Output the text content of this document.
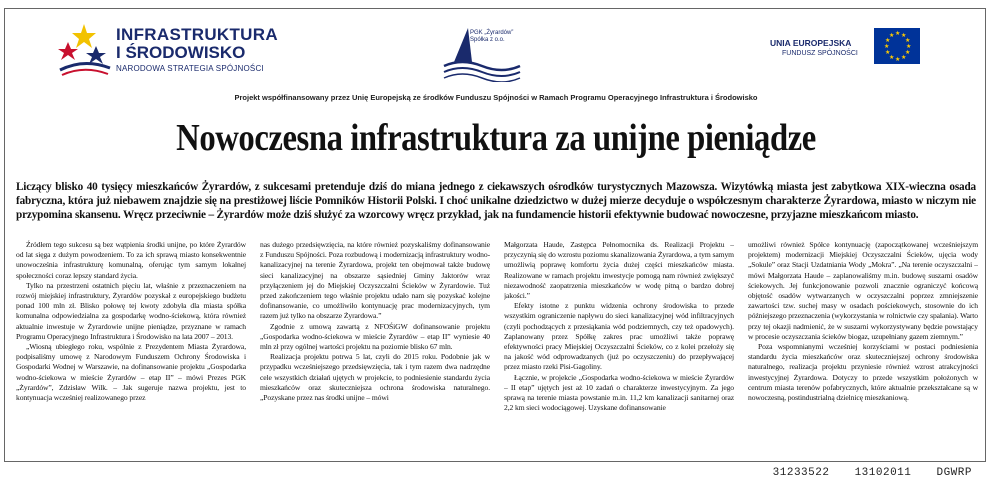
INFRASTRUKTURA
I ŚRODOWISKO
NARODOWA STRATEGIA SPÓJNOŚCI
PGK „Żyrardów”
Spółka z o.o.	UNIA EUROPEJSKA
FUNDUSZ SPÓJNOŚCI
★ ★
★
★
★
★
★
★
★
★
★
★
Projekt współfinansowany przez Unię Europejską ze środków Funduszu Spójności w Ramach Programu Operacyjnego Infrastruktura i Środowisko
Nowoczesna infrastruktura za unijne pieniądze
Liczący blisko 40 tysięcy mieszkańców Żyrardów, z sukcesami pretenduje dziś do miana jednego z ciekawszych ośrodków turystycznych Mazowsza. Wizytówką miasta jest zabytkowa XIX-wieczna osada fabryczna, która już niebawem znajdzie się na prestiżowej liście Pomników Historii Polski. I choć unikalne dziedzictwo w dużej mierze decyduje o współczesnym charakterze Żyrardowa, miasto w niczym nie przypomina skansenu. Wręcz przeciwnie – Żyrardów może dziś służyć za wzorcowy wręcz przykład, jak na fundamencie historii efektywnie budować nowoczesne, przyjazne mieszkańcom miasto.

Źródłem tego sukcesu są bez wątpienia środki unijne, po które Żyrardów od lat sięga z dużym powodzeniem. To za ich sprawą miasto konsekwentnie unowocześnia infrastrukturę komunalną, oferując tym samym lokalnej społeczności coraz lepszy standard życia.

Tylko na przestrzeni ostatnich pięciu lat, właśnie z przeznaczeniem na rozwój miejskiej infrastruktury, Żyrardów pozyskał z europejskiego budżetu ponad 100 mln zł. Blisko połowę tej kwoty zdobyła dla miasta spółka komunalna odpowiedzialna za gospodarkę wodno-ściekową, która również aktualnie inwestuje w Żyrardowie unijne pieniądze, przyznane w ramach Programu Operacyjnego Infrastruktura i Środowisko na lata 2007 – 2013.

„Wiosną ubiegłego roku, wspólnie z Prezydentem Miasta Żyrardowa, podpisaliśmy umowę z Narodowym Funduszem Ochrony Środowiska i Gospodarki Wodnej w Warszawie, na dofinansowanie projektu „Gospodarka wodno-ściekowa w mieście Żyrardów – etap II” – mówi Prezes PGK „Żyrardów”, Zdzisław Wilk. – Jak sugeruje nazwa projektu, jest to kontynuacja wcześniej realizowanego przez

nas dużego przedsięwzięcia, na które również pozyskaliśmy dofinansowanie z Funduszu Spójności. Poza rozbudową i modernizacją infrastruktury wodno-kanalizacyjnej na terenie Żyrardowa, projekt ten obejmował także budowę sieci kanalizacyjnej na obszarze sąsiedniej Gminy Jaktorów wraz przyłączeniem jej do Miejskiej Oczyszczalni Ścieków w Żyrardowie. Tuż przed zakończeniem tego właśnie projektu udało nam się pozyskać kolejne dofinansowanie, co umożliwiło kontynuację prac modernizacyjnych, tym razem już tylko na obszarze Żyrardowa.”

Zgodnie z umową zawartą z NFOŚiGW dofinansowanie projektu „Gospodarka wodno-ściekowa w mieście Żyrardów – etap II” wyniesie 40 mln zł przy ogólnej wartości projektu na poziomie blisko 67 mln.

Realizacja projektu potrwa 5 lat, czyli do 2015 roku. Podobnie jak w przypadku wcześniejszego przedsięwzięcia, tak i tym razem dwa nadrzędne cele wszystkich działań ujętych w projekcie, to podniesienie standardu życia mieszkańców oraz skuteczniejsza ochrona środowiska naturalnego. „Pozyskane przez nas środki unijne – mówi

Małgorzata Haude, Zastępca Pełnomocnika ds. Realizacji Projektu – przyczynią się do wzrostu poziomu skanalizowania Żyrardowa, a tym samym umożliwią poprawę komfortu życia dużej części mieszkańców miasta. Realizowane w ramach projektu inwestycje pomogą nam również zwiększyć niezawodność zaopatrzenia mieszkańców w wodę pitną o bardzo dobrej jakości.”

Efekty istotne z punktu widzenia ochrony środowiska to przede wszystkim ograniczenie napływu do sieci kanalizacyjnej wód infiltracyjnych (czyli pochodzących z przesiąkania wód podziemnych, czy też opadowych). Zaplanowany przez Spółkę zakres prac umożliwi także poprawę efektywności pracy Miejskiej Oczyszczalni Ścieków, co z kolei przełoży się na jakość wód odprowadzanych (już po oczyszczeniu) do przepływającej przez miasto rzeki Pisi-Gagoliny.

Łącznie, w projekcie „Gospodarka wodno-ściekowa w mieście Żyrardów – II etap” ujętych jest aż 10 zadań o charakterze inwestycyjnym. Za jego sprawą na terenie miasta powstanie m.in. 11,2 km kanalizacji sanitarnej oraz 2,2 km sieci wodociągowej. Uzyskane dofinansowanie

umożliwi również Spółce kontynuację (zapoczątkowanej wcześniejszym projektem) modernizacji Miejskiej Oczyszczalni Ścieków, ujęcia wody „Sokule” oraz Stacji Uzdatniania Wody „Mokra”. „Na terenie oczyszczalni – mówi Małgorzata Haude – zaplanowaliśmy m.in. budowę suszarni osadów ściekowych. Jej funkcjonowanie pozwoli znacznie ograniczyć końcową objętość osadów wytwarzanych w oczyszczalni poprzez zmniejszenie zawartości tzw. suchej masy w osadach pościekowych, stosownie do ich późniejszego przeznaczenia (wykorzystania w rolnictwie czy spalania). Warto przy tej okazji nadmienić, że w suszarni wykorzystywany będzie powstający w procesie oczyszczania ścieków biogaz, uzupełniany gazem ziemnym.”

Poza wspomnianymi wcześniej korzyściami w postaci podniesienia standardu życia mieszkańców oraz skuteczniejszej ochrony środowiska naturalnego, realizacja projektu przyniesie również wzrost atrakcyjności inwestycyjnej Żyrardowa. Dotyczy to przede wszystkim położonych w centrum miasta terenów pofabrycznych, które aktualnie przekształcane są w nowoczesną, postindustrialną dzielnicę mieszkaniową.

31233522 13102011 DGWRP
